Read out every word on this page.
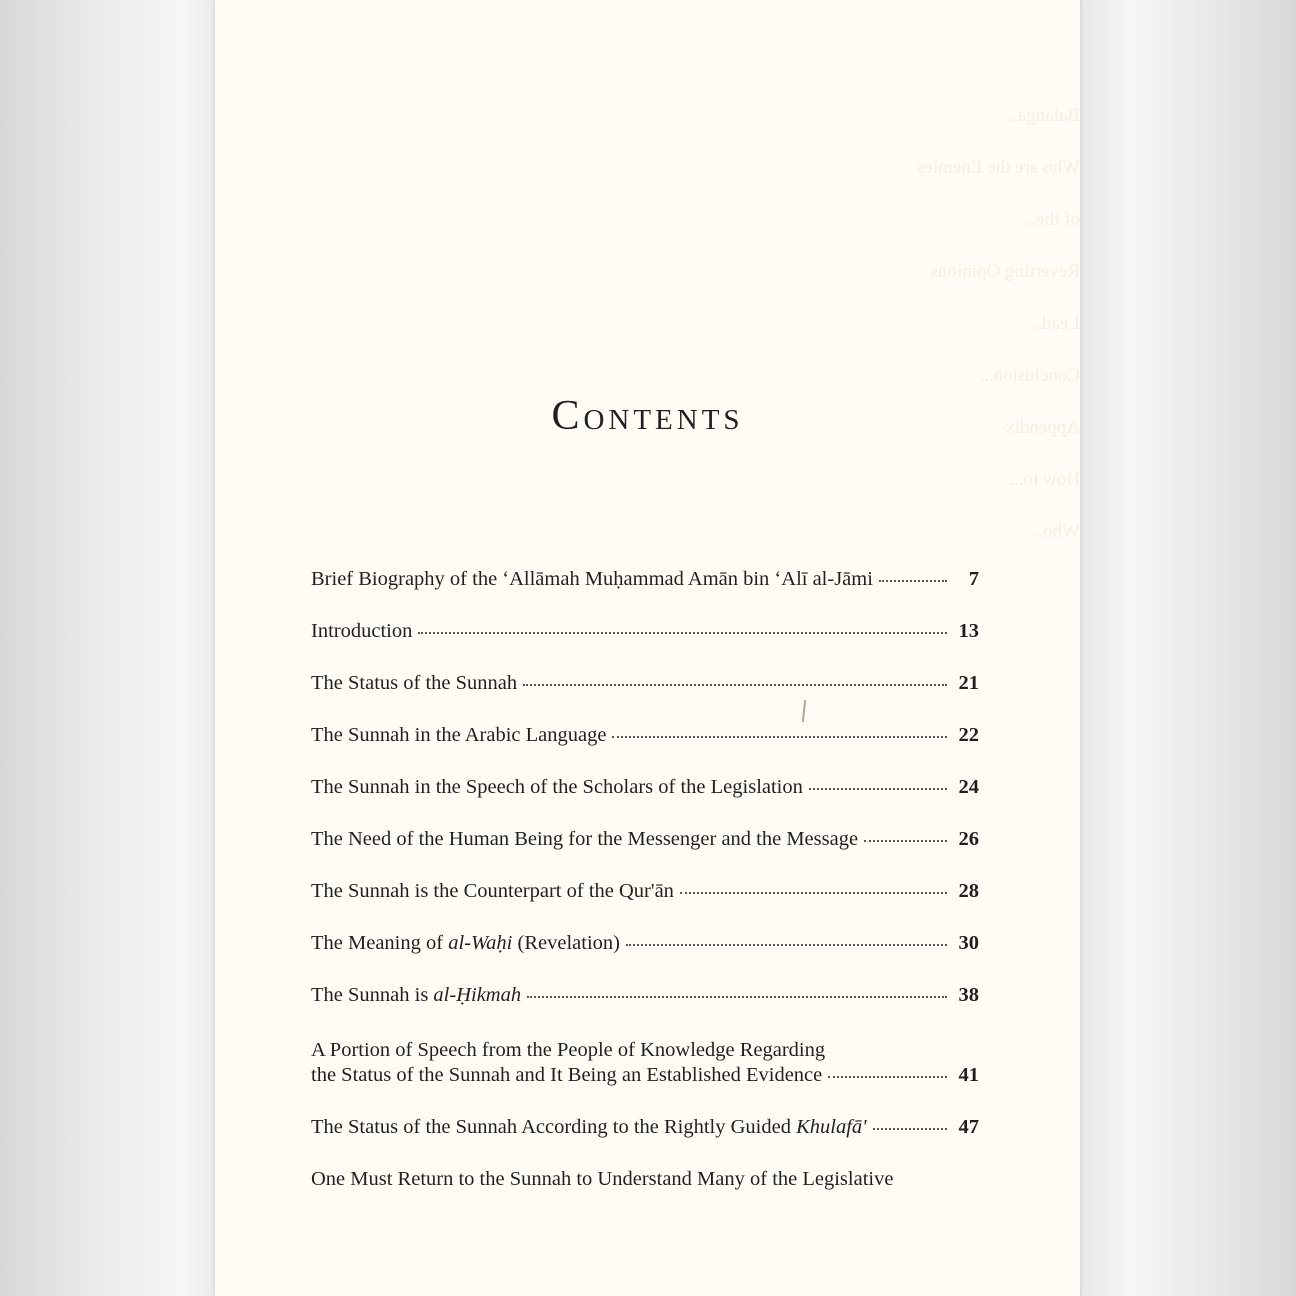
Balanga...
Who are the Enemies of the...
Reverting Opinions Lead...
Conclusion...
Appendix
How to...
Who...
Contents
Brief Biography of the ‘Allāmah Muḥammad Amān bin ‘Alī al-Jāmi	7
Introduction	13
The Status of the Sunnah	21
The Sunnah in the Arabic Language	22
The Sunnah in the Speech of the Scholars of the Legislation	24
The Need of the Human Being for the Messenger and the Message	26
The Sunnah is the Counterpart of the Qur'ān	28
The Meaning of al-Waḥi (Revelation)	30
The Sunnah is al-Ḥikmah	38
A Portion of Speech from the People of Knowledge Regarding
the Status of the Sunnah and It Being an Established Evidence	41
The Status of the Sunnah According to the Rightly Guided Khulafā'	47
One Must Return to the Sunnah to Understand Many of the Legislative
